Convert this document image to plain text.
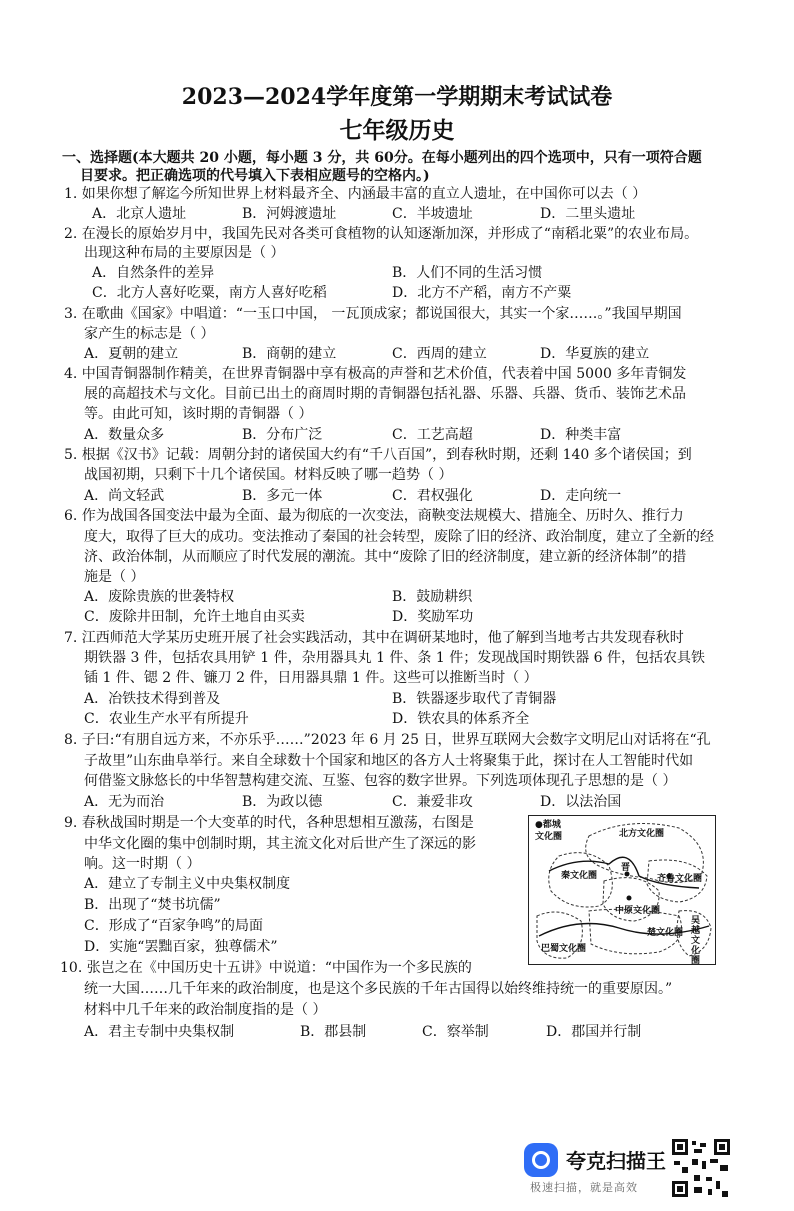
2023—2024学年度第一学期期末考试试卷
七年级历史
一、选择题(本大题共 20 小题，每小题 3 分，共 60分。在每小题列出的四个选项中，只有一项符合题
目要求。把正确选项的代号填入下表相应题号的空格内。)
1. 如果你想了解迄今所知世界上材料最齐全、内涵最丰富的直立人遗址，在中国你可以去（ ）
A．北京人遗址	B．河姆渡遗址	C．半坡遗址	D．二里头遗址
2. 在漫长的原始岁月中，我国先民对各类可食植物的认知逐渐加深，并形成了“南稻北粟”的农业布局。
出现这种布局的主要原因是（ ）
A．自然条件的差异	B．人们不同的生活习惯
C．北方人喜好吃粟，南方人喜好吃稻	D．北方不产稻，南方不产粟
3. 在歌曲《国家》中唱道：“一玉口中国， 一瓦顶成家；都说国很大，其实一个家……。”我国早期国
家产生的标志是（ ）
A．夏朝的建立	B．商朝的建立	C．西周的建立	D．华夏族的建立
4. 中国青铜器制作精美，在世界青铜器中享有极高的声誉和艺术价值，代表着中国 5000 多年青铜发
展的高超技术与文化。目前已出土的商周时期的青铜器包括礼器、乐器、兵器、货币、装饰艺术品
等。由此可知，该时期的青铜器（ ）
A．数量众多	B．分布广泛	C．工艺高超	D．种类丰富
5. 根据《汉书》记载：周朝分封的诸侯国大约有“千八百国”，到春秋时期，还剩 140 多个诸侯国；到
战国初期，只剩下十几个诸侯国。材料反映了哪一趋势（ ）
A．尚文轻武	B．多元一体	C．君权强化	D．走向统一
6. 作为战国各国变法中最为全面、最为彻底的一次变法，商鞅变法规模大、措施全、历时久、推行力
度大，取得了巨大的成功。变法推动了秦国的社会转型，废除了旧的经济、政治制度，建立了全新的经
济、政治体制，从而顺应了时代发展的潮流。其中“废除了旧的经济制度，建立新的经济体制”的措
施是（ ）
A．废除贵族的世袭特权	B．鼓励耕织
C．废除井田制，允许土地自由买卖	D．奖励军功
7. 江西师范大学某历史班开展了社会实践活动，其中在调研某地时，他了解到当地考古共发现春秋时
期铁器 3 件，包括农具用铲 1 件，杂用器具丸 1 件、条 1 件；发现战国时期铁器 6 件，包括农具铁
锸 1 件、锶 2 件、镰刀 2 件，日用器具鼎 1 件。这些可以推断当时（ ）
A．冶铁技术得到普及	B．铁器逐步取代了青铜器
C．农业生产水平有所提升	D．铁农具的体系齐全
8. 子曰:“有朋自远方来，不亦乐乎……”2023 年 6 月 25 日，世界互联网大会数字文明尼山对话将在“孔
子故里”山东曲阜举行。来自全球数十个国家和地区的各方人士将聚集于此，探讨在人工智能时代如
何借鉴文脉悠长的中华智慧构建交流、互鉴、包容的数字世界。下列选项体现孔子思想的是（ ）
A．无为而治	B．为政以德	C．兼爱非攻	D．以法治国
9. 春秋战国时期是一个大变革的时代，各种思想相互激荡，右图是
中华文化圈的集中创制时期，其主流文化对后世产生了深远的影
响。这一时期（ ）
A．建立了专制主义中央集权制度
B．出现了“焚书坑儒”
C．形成了“百家争鸣”的局面
D．实施“罢黜百家，独尊儒术”
●都城
文化圈	北方文化圈
秦文化圈
晋
齐鲁文化圈
中原文化圈
楚文化圈
巴蜀文化圈
吴越文化圈
10. 张岂之在《中国历史十五讲》中说道：“中国作为一个多民族的
统一大国……几千年来的政治制度，也是这个多民族的千年古国得以始终维持统一的重要原因。”
材料中几千年来的政治制度指的是（ ）
A．君主专制中央集权制	B．郡县制	C．察举制	D．郡国并行制
夸克扫描王
极速扫描，就是高效
